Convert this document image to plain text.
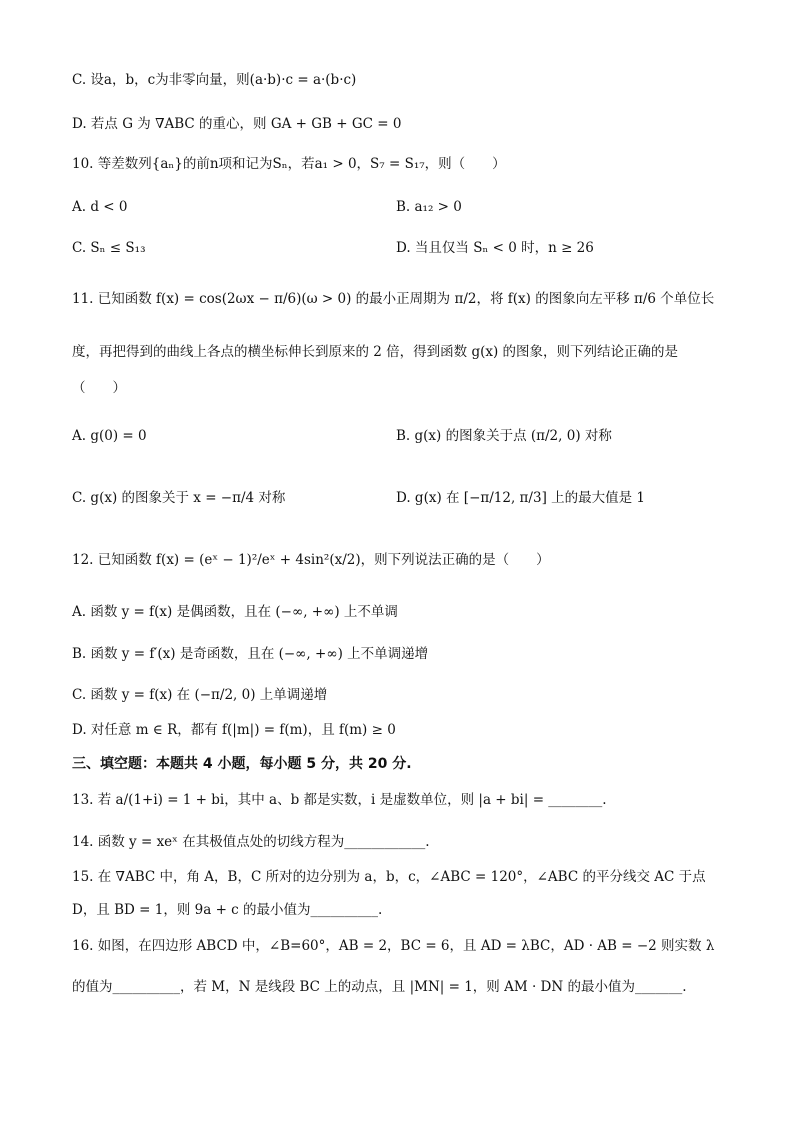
C. 设a，b，c为非零向量，则(a·b)·c = a·(b·c)
D. 若点 G 为 ∇ABC 的重心，则 GA + GB + GC = 0
10. 等差数列{aₙ}的前n项和记为Sₙ，若a₁ > 0，S₇ = S₁₇，则（　　）
A. d < 0	B. a₁₂ > 0
C. Sₙ ≤ S₁₃	D. 当且仅当 Sₙ < 0 时，n ≥ 26
11. 已知函数 f(x) = cos(2ωx − π/6)(ω > 0) 的最小正周期为 π/2，将 f(x) 的图象向左平移 π/6 个单位长
度，再把得到的曲线上各点的横坐标伸长到原来的 2 倍，得到函数 g(x) 的图象，则下列结论正确的是
（　　）
A. g(0) = 0	B. g(x) 的图象关于点 (π/2, 0) 对称
C. g(x) 的图象关于 x = −π/4 对称	D. g(x) 在 [−π/12, π/3] 上的最大值是 1
12. 已知函数 f(x) = (eˣ − 1)²/eˣ + 4sin²(x/2)，则下列说法正确的是（　　）
A. 函数 y = f(x) 是偶函数，且在 (−∞, +∞) 上不单调
B. 函数 y = f′(x) 是奇函数，且在 (−∞, +∞) 上不单调递增
C. 函数 y = f(x) 在 (−π/2, 0) 上单调递增
D. 对任意 m ∈ R，都有 f(|m|) = f(m)，且 f(m) ≥ 0
三、填空题：本题共 4 小题，每小题 5 分，共 20 分.
13. 若 a/(1+i) = 1 + bi，其中 a、b 都是实数，i 是虚数单位，则 |a + bi| = ________.
14. 函数 y = xeˣ 在其极值点处的切线方程为____________.
15. 在 ∇ABC 中，角 A，B，C 所对的边分别为 a，b，c，∠ABC = 120°，∠ABC 的平分线交 AC 于点
D，且 BD = 1，则 9a + c 的最小值为__________.
16. 如图，在四边形 ABCD 中，∠B=60°，AB = 2，BC = 6，且 AD = λBC，AD · AB = −2 则实数 λ
的值为__________，若 M，N 是线段 BC 上的动点，且 |MN| = 1，则 AM · DN 的最小值为_______.
